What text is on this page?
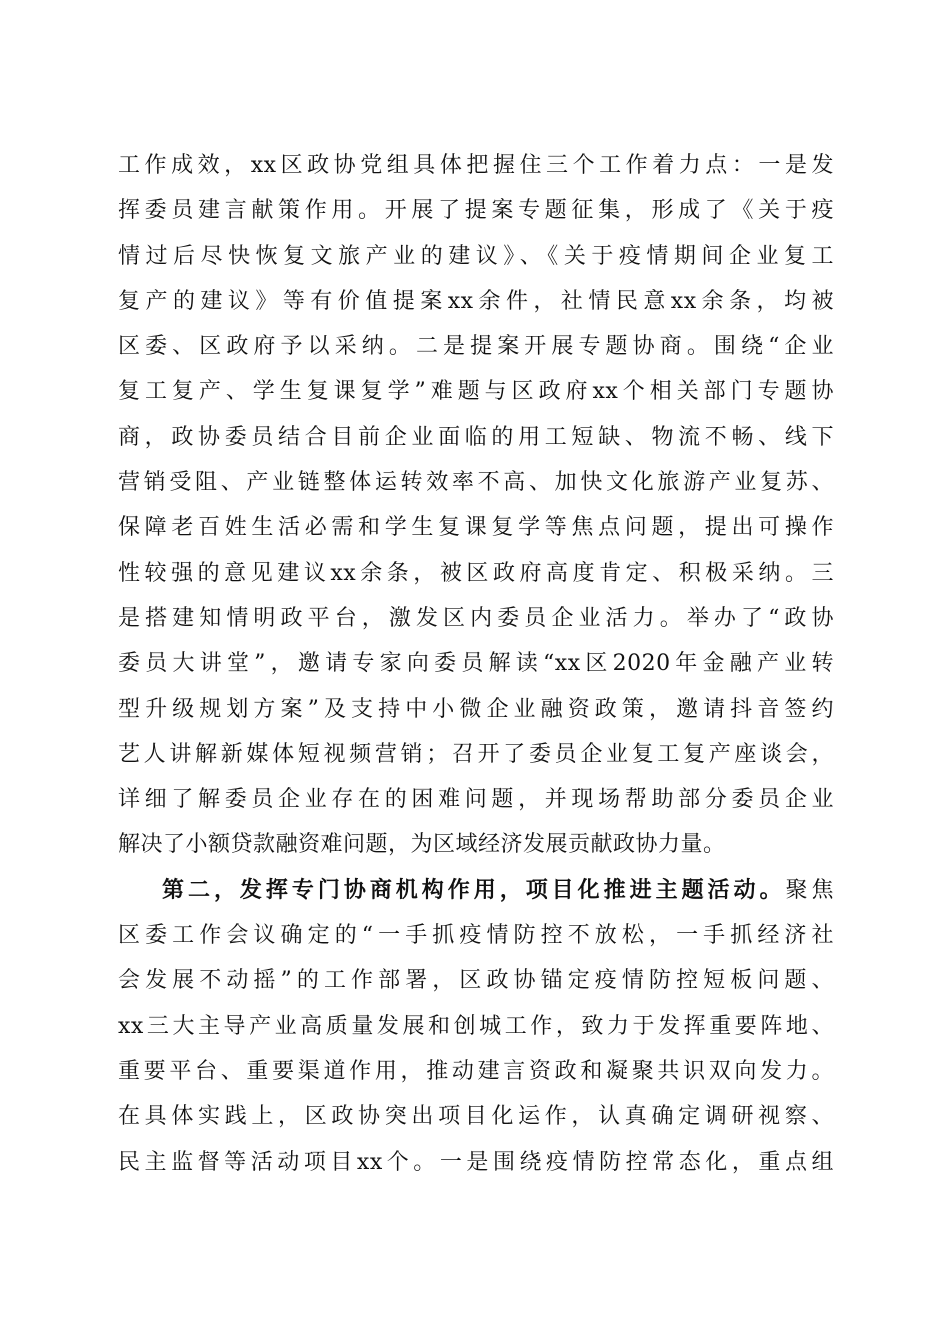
工作成效，xx区政协党组具体把握住三个工作着力点：一是发
挥委员建言献策作用。开展了提案专题征集，形成了《关于疫
情过后尽快恢复文旅产业的建议》、《关于疫情期间企业复工
复产的建议》等有价值提案xx余件，社情民意xx余条，均被
区委、区政府予以采纳。二是提案开展专题协商。围绕“企业
复工复产、学生复课复学”难题与区政府xx个相关部门专题协
商，政协委员结合目前企业面临的用工短缺、物流不畅、线下
营销受阻、产业链整体运转效率不高、加快文化旅游产业复苏、
保障老百姓生活必需和学生复课复学等焦点问题，提出可操作
性较强的意见建议xx余条，被区政府高度肯定、积极采纳。三
是搭建知情明政平台，激发区内委员企业活力。举办了“政协
委员大讲堂”，邀请专家向委员解读“xx区2020年金融产业转
型升级规划方案”及支持中小微企业融资政策，邀请抖音签约
艺人讲解新媒体短视频营销；召开了委员企业复工复产座谈会，
详细了解委员企业存在的困难问题，并现场帮助部分委员企业
解决了小额贷款融资难问题，为区域经济发展贡献政协力量。
第二，发挥专门协商机构作用，项目化推进主题活动。聚焦
区委工作会议确定的“一手抓疫情防控不放松，一手抓经济社
会发展不动摇”的工作部署，区政协锚定疫情防控短板问题、
xx三大主导产业高质量发展和创城工作，致力于发挥重要阵地、
重要平台、重要渠道作用，推动建言资政和凝聚共识双向发力。
在具体实践上，区政协突出项目化运作，认真确定调研视察、
民主监督等活动项目xx个。一是围绕疫情防控常态化，重点组
